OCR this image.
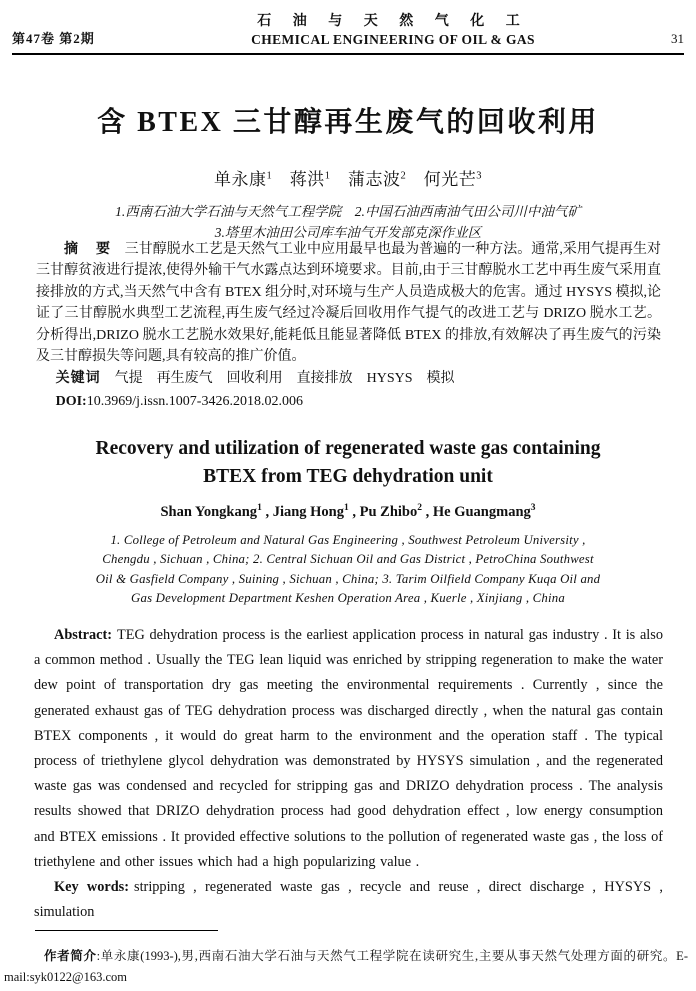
第47卷 第2期
石 油 与 天 然 气 化 工
CHEMICAL ENGINEERING OF OIL & GAS	31
含 BTEX 三甘醇再生废气的回收利用
单永康$^1$　 蒋洪$^1$　 蒲志波$^2$　 何光芒$^3$
1.西南石油大学石油与天然气工程学院　2.中国石油西南油气田公司川中油气矿
3.塔里木油田公司库车油气开发部克深作业区

摘　要 三甘醇脱水工艺是天然气工业中应用最早也最为普遍的一种方法。通常,采用气提再生对三甘醇贫液进行提浓,使得外输干气水露点达到环境要求。目前,由于三甘醇脱水工艺中再生废气采用直接排放的方式,当天然气中含有 BTEX 组分时,对环境与生产人员造成极大的危害。通过 HYSYS 模拟,论证了三甘醇脱水典型工艺流程,再生废气经过冷凝后回收用作气提气的改进工艺与 DRIZO 脱水工艺。分析得出,DRIZO 脱水工艺脱水效果好,能耗低且能显著降低 BTEX 的排放,有效解决了再生废气的污染及三甘醇损失等问题,具有较高的推广价值。

关键词 气提　再生废气　回收利用　直接排放　HYSYS　模拟

DOI:10.3969/j.issn.1007-3426.2018.02.006

Recovery and utilization of regenerated waste gas containing
BTEX from TEG dehydration unit
Shan Yongkang$^1$ , Jiang Hong$^1$ , Pu Zhibo$^2$ , He Guangmang$^3$
1. College of Petroleum and Natural Gas Engineering , Southwest Petroleum University ,
Chengdu , Sichuan , China; 2. Central Sichuan Oil and Gas District , PetroChina Southwest
Oil & Gasfield Company , Suining , Sichuan , China; 3. Tarim Oilfield Company Kuqa Oil and
Gas Development Department Keshen Operation Area , Kuerle , Xinjiang , China

Abstract: TEG dehydration process is the earliest application process in natural gas industry . It is also a common method . Usually the TEG lean liquid was enriched by stripping regeneration to make the water dew point of transportation dry gas meeting the environmental requirements . Currently , since the generated exhaust gas of TEG dehydration process was discharged directly , when the natural gas contain BTEX components , it would do great harm to the environment and the operation staff . The typical process of triethylene glycol dehydration was demonstrated by HYSYS simulation , and the regenerated waste gas was condensed and recycled for stripping gas and DRIZO dehydration process . The analysis results showed that DRIZO dehydration process had good dehydration effect , low energy consumption and BTEX emissions . It provided effective solutions to the pollution of regenerated waste gas , the loss of triethylene and other issues which had a high popularizing value .

Key words: stripping , regenerated waste gas , recycle and reuse , direct discharge , HYSYS , simulation

作者简介:单永康(1993-),男,西南石油大学石油与天然气工程学院在读研究生,主要从事天然气处理方面的研究。E-mail:syk0122@163.com
